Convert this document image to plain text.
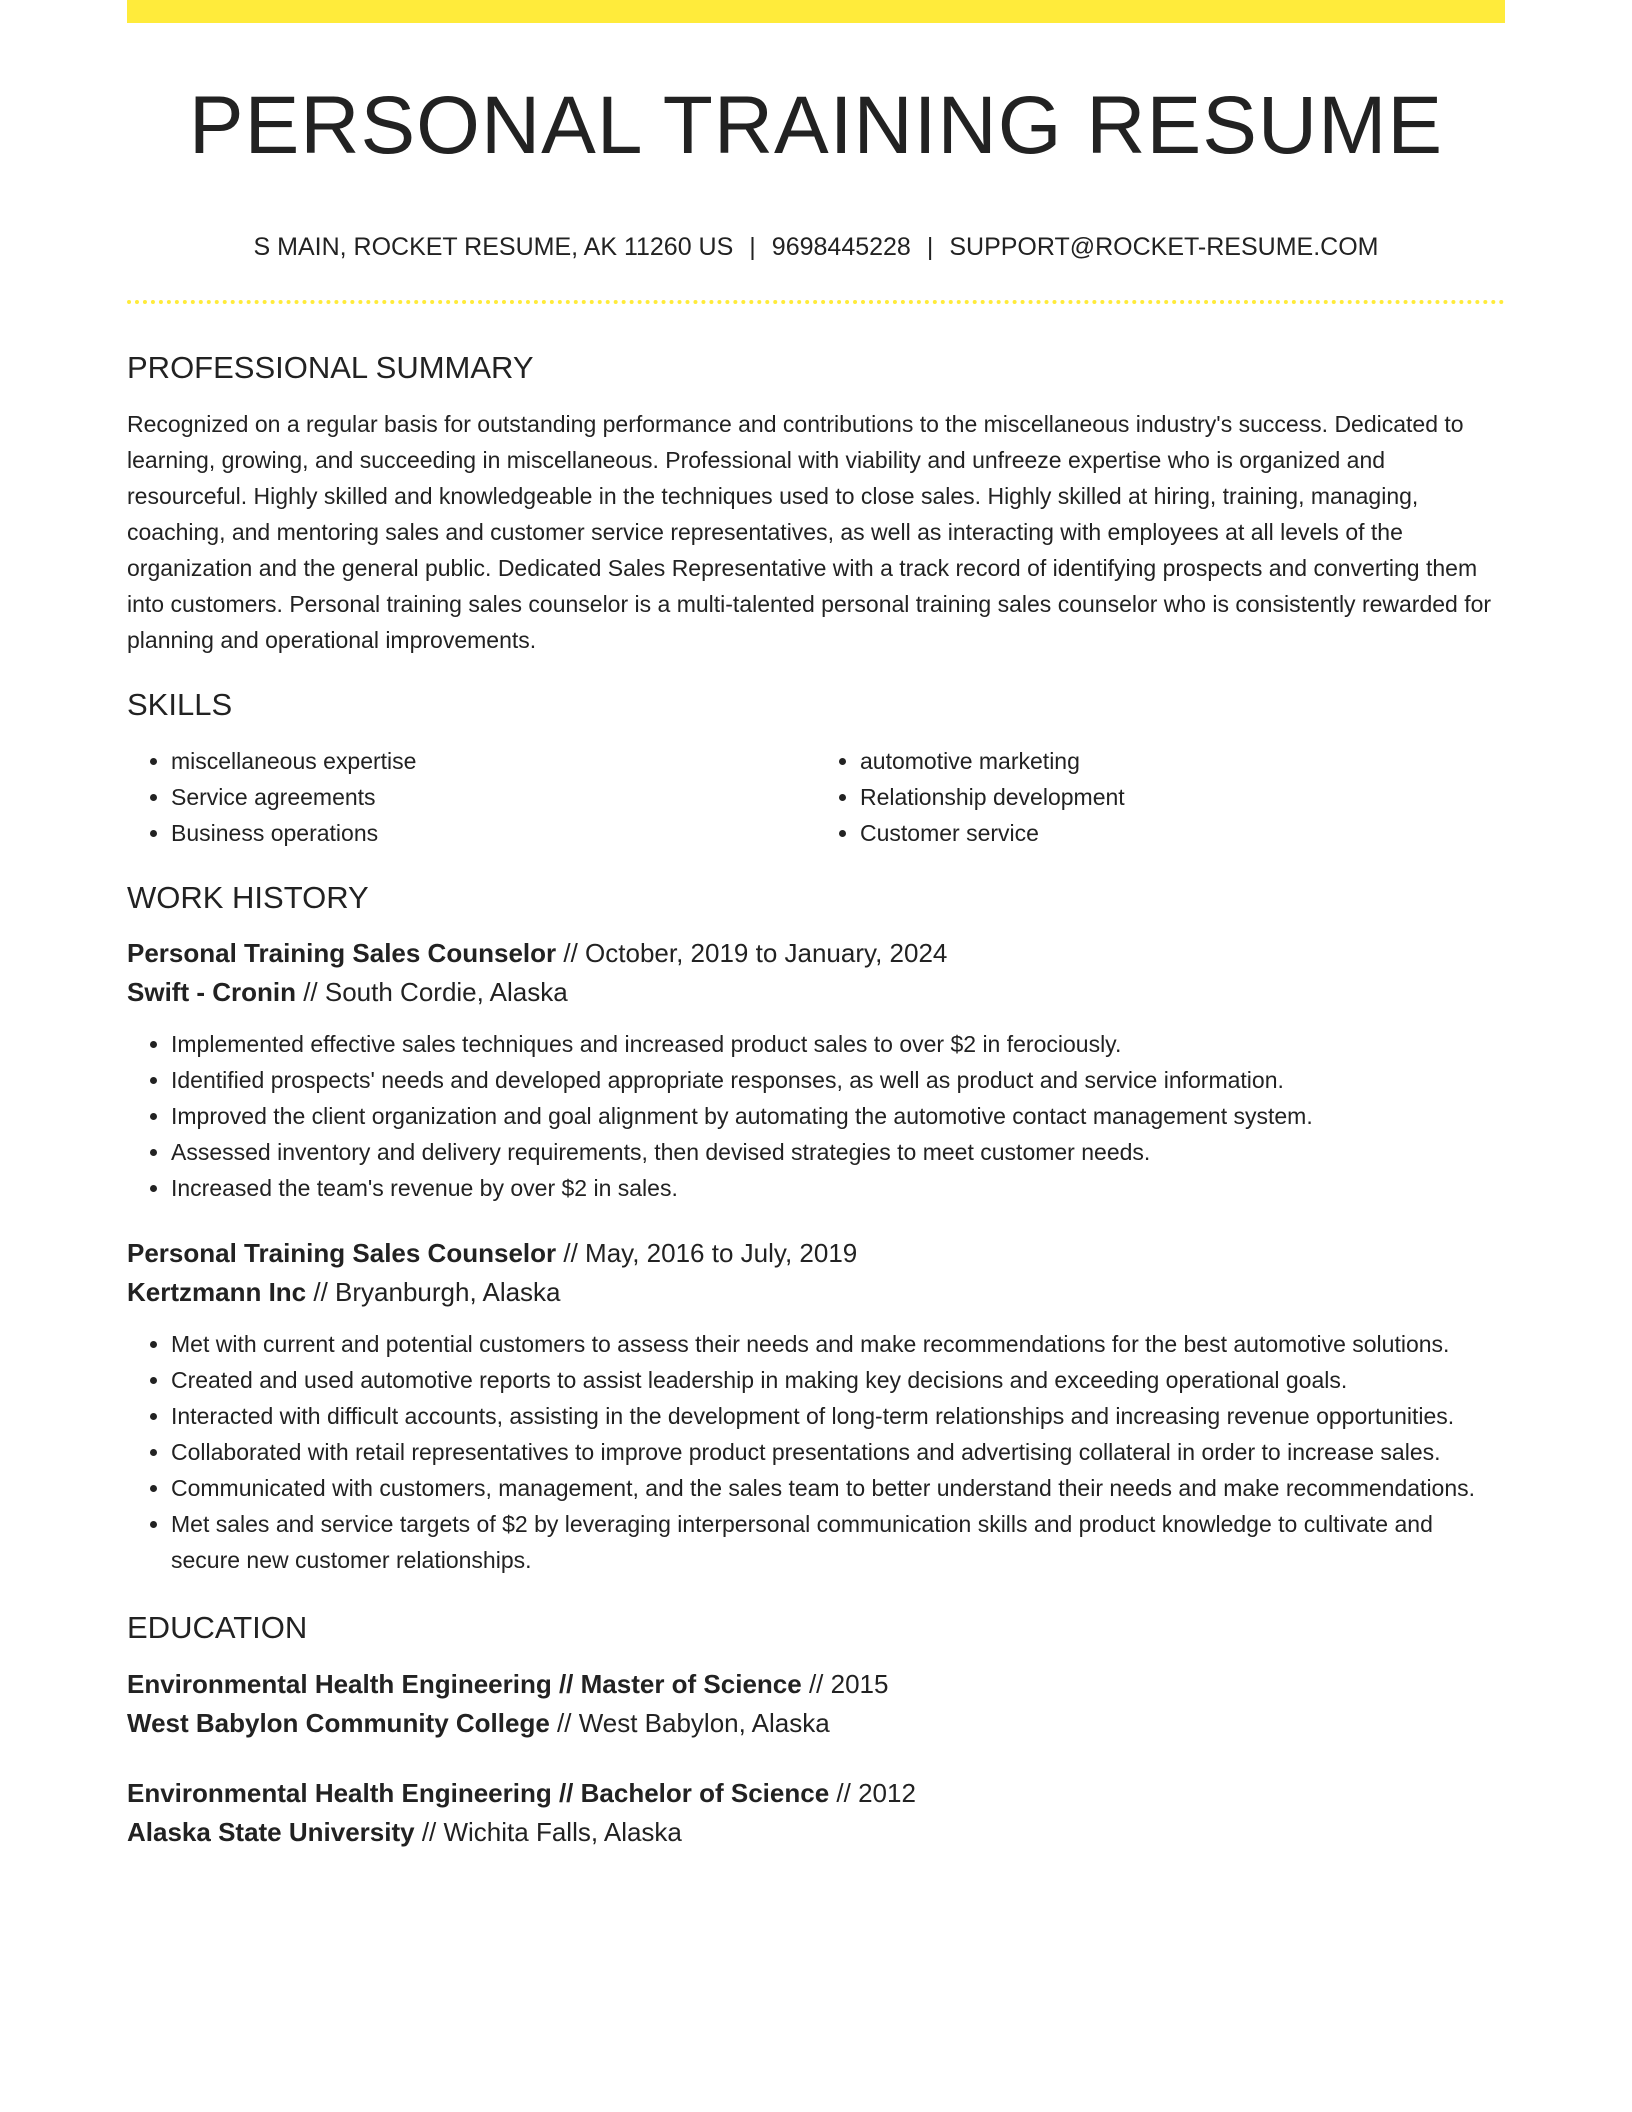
PERSONAL TRAINING RESUME
S MAIN, ROCKET RESUME, AK 11260 US | 9698445228 | SUPPORT@ROCKET-RESUME.COM
PROFESSIONAL SUMMARY

Recognized on a regular basis for outstanding performance and contributions to the miscellaneous industry's success. Dedicated to learning, growing, and succeeding in miscellaneous. Professional with viability and unfreeze expertise who is organized and resourceful. Highly skilled and knowledgeable in the techniques used to close sales. Highly skilled at hiring, training, managing, coaching, and mentoring sales and customer service representatives, as well as interacting with employees at all levels of the organization and the general public. Dedicated Sales Representative with a track record of identifying prospects and converting them into customers. Personal training sales counselor is a multi-talented personal training sales counselor who is consistently rewarded for planning and operational improvements.

SKILLS
• miscellaneous expertise
• Service agreements
• Business operations
• automotive marketing
• Relationship development
• Customer service
WORK HISTORY
Personal Training Sales Counselor // October, 2019 to January, 2024
Swift - Cronin // South Cordie, Alaska
• Implemented effective sales techniques and increased product sales to over $2 in ferociously.
• Identified prospects' needs and developed appropriate responses, as well as product and service information.
• Improved the client organization and goal alignment by automating the automotive contact management system.
• Assessed inventory and delivery requirements, then devised strategies to meet customer needs.
• Increased the team's revenue by over $2 in sales.
Personal Training Sales Counselor // May, 2016 to July, 2019
Kertzmann Inc // Bryanburgh, Alaska
• Met with current and potential customers to assess their needs and make recommendations for the best automotive solutions.
• Created and used automotive reports to assist leadership in making key decisions and exceeding operational goals.
• Interacted with difficult accounts, assisting in the development of long-term relationships and increasing revenue opportunities.
• Collaborated with retail representatives to improve product presentations and advertising collateral in order to increase sales.
• Communicated with customers, management, and the sales team to better understand their needs and make recommendations.
• Met sales and service targets of $2 by leveraging interpersonal communication skills and product knowledge to cultivate and secure new customer relationships.
EDUCATION
Environmental Health Engineering // Master of Science // 2015
West Babylon Community College // West Babylon, Alaska
Environmental Health Engineering // Bachelor of Science // 2012
Alaska State University // Wichita Falls, Alaska
